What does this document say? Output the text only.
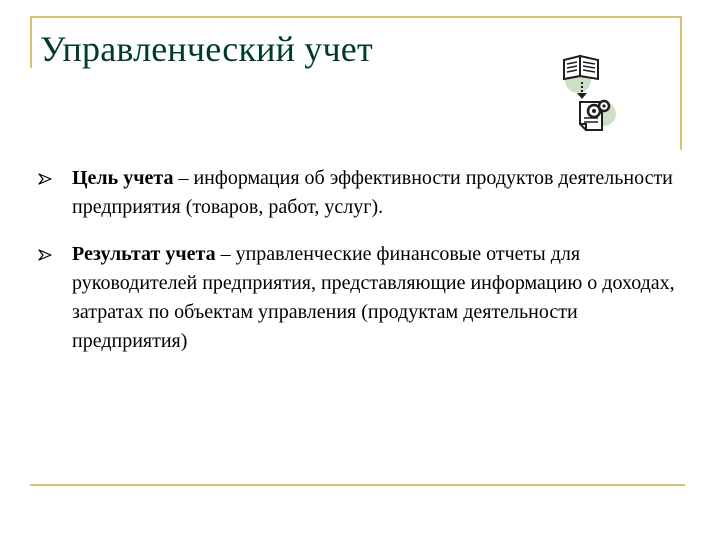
Управленческий учет
Цель учета – информация об эффективности продуктов деятельности предприятия (товаров, работ, услуг).
Результат учета – управленческие финансовые отчеты для руководителей предприятия, представляющие информацию о доходах, затратах по объектам управления (продуктам деятельности предприятия)
